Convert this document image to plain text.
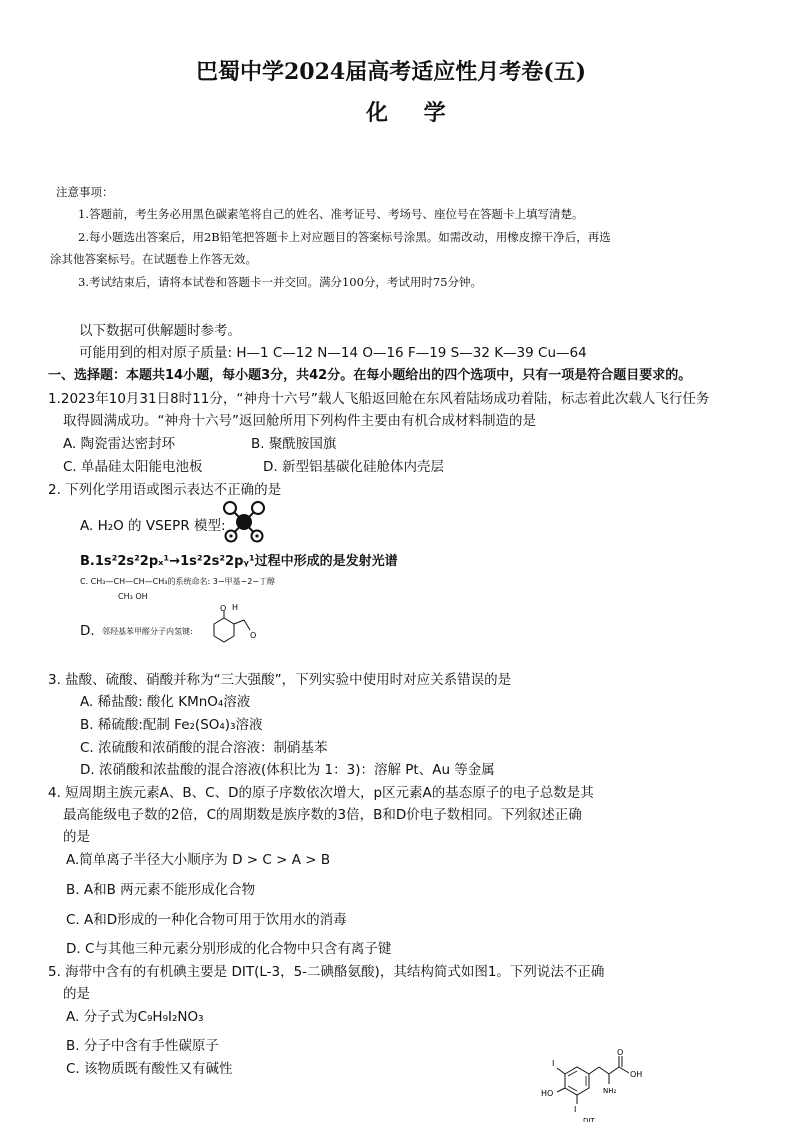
巴蜀中学2024届高考适应性月考卷(五)
化 学
注意事项：
1.答题前，考生务必用黑色碳素笔将自己的姓名、准考证号、考场号、座位号在答题卡上填写清楚。
2.每小题选出答案后，用2B铅笔把答题卡上对应题目的答案标号涂黑。如需改动，用橡皮擦干净后，再选
涂其他答案标号。在试题卷上作答无效。
3.考试结束后，请将本试卷和答题卡一并交回。满分100分，考试用时75分钟。
以下数据可供解题时参考。
可能用到的相对原子质量: H—1 C—12 N—14 O—16 F—19 S—32 K—39 Cu—64
一、选择题：本题共14小题，每小题3分，共42分。在每小题给出的四个选项中，只有一项是符合题目要求的。
1.2023年10月31日8时11分，“神舟十六号”载人飞船返回舱在东风着陆场成功着陆，标志着此次载人飞行任务
取得圆满成功。“神舟十六号”返回舱所用下列构件主要由有机合成材料制造的是
A. 陶瓷雷达密封环	B. 聚酰胺国旗
C. 单晶硅太阳能电池板	D. 新型铝基碳化硅舱体内壳层
2. 下列化学用语或图示表达不正确的是
A. H₂O 的 VSEPR 模型:
B.1s²2s²2pₓ¹→1s²2s²2pᵧ¹过程中形成的是发射光谱
C. CH₃—CH—CH—CH₃的系统命名: 3−甲基−2−丁醇
CH₃ OH
D. 邻羟基苯甲醛分子内氢键:
O H
O
3. 盐酸、硫酸、硝酸并称为“三大强酸”，下列实验中使用时对应关系错误的是
A. 稀盐酸: 酸化 KMnO₄溶液
B. 稀硫酸:配制 Fe₂(SO₄)₃溶液
C. 浓硫酸和浓硝酸的混合溶液：制硝基苯
D. 浓硝酸和浓盐酸的混合溶液(体积比为 1：3)：溶解 Pt、Au 等金属
4. 短周期主族元素A、B、C、D的原子序数依次增大，p区元素A的基态原子的电子总数是其
最高能级电子数的2倍，C的周期数是族序数的3倍，B和D价电子数相同。下列叙述正确
的是
A.简单离子半径大小顺序为 D > C > A > B
B. A和B 两元素不能形成化合物
C. A和D形成的一种化合物可用于饮用水的消毒
D. C与其他三种元素分别形成的化合物中只含有离子键
5. 海带中含有的有机碘主要是 DIT(L-3，5-二碘酪氨酸)，其结构简式如图1。下列说法不正确
的是
A. 分子式为C₉H₉I₂NO₃
B. 分子中含有手性碳原子
C. 该物质既有酸性又有碱性	I
HO
I
NH₂
O
OH
DIT
